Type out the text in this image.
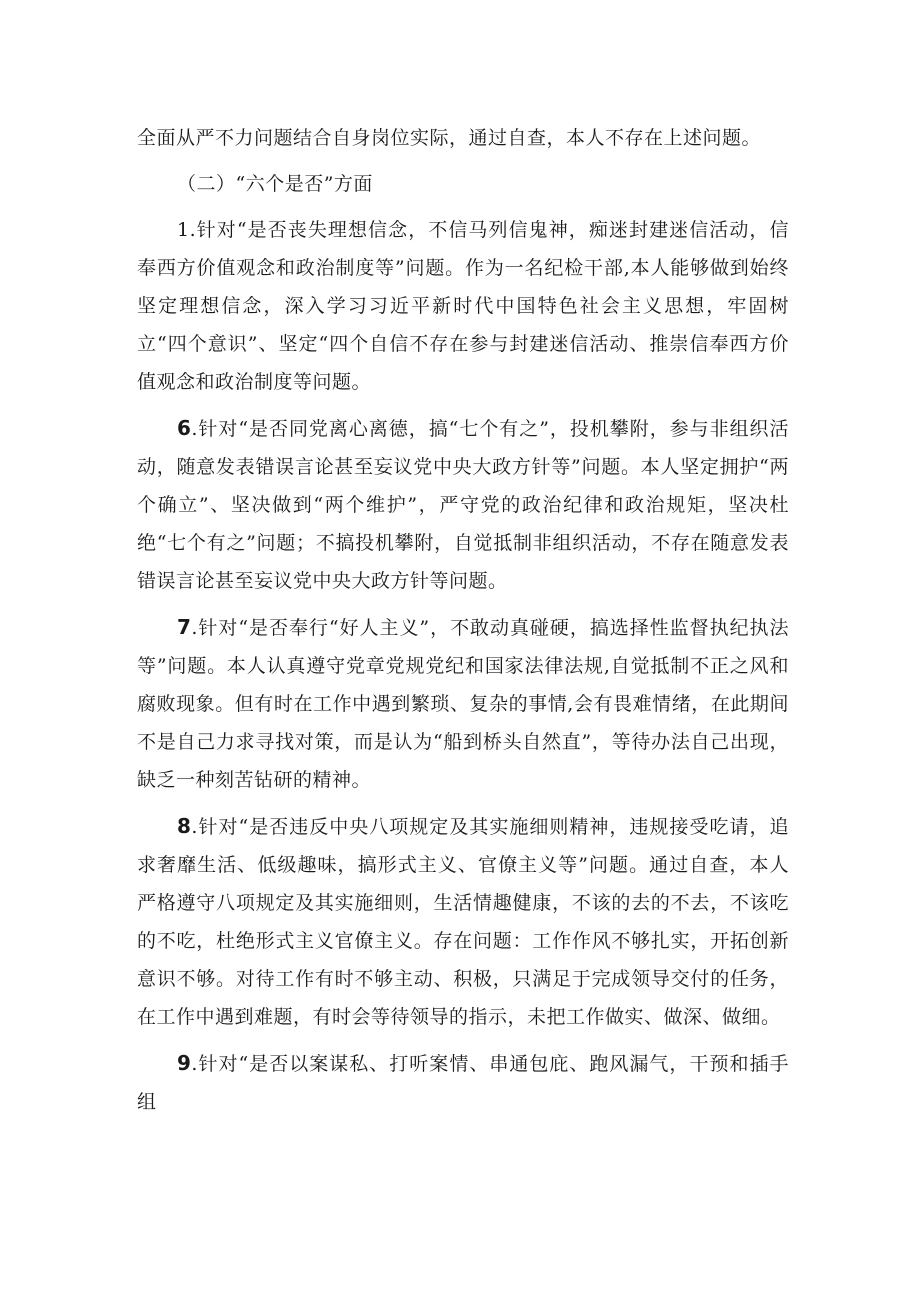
全面从严不力问题结合自身岗位实际，通过自查，本人不存在上述问题。

（二）“六个是否”方面

1.针对“是否丧失理想信念，不信马列信鬼神，痴迷封建迷信活动，信奉西方价值观念和政治制度等”问题。作为一名纪检干部,本人能够做到始终坚定理想信念，深入学习习近平新时代中国特色社会主义思想，牢固树立“四个意识”、坚定“四个自信不存在参与封建迷信活动、推崇信奉西方价值观念和政治制度等问题。

6.针对“是否同党离心离德，搞“七个有之”，投机攀附，参与非组织活动，随意发表错误言论甚至妄议党中央大政方针等”问题。本人坚定拥护“两个确立”、坚决做到“两个维护”，严守党的政治纪律和政治规矩，坚决杜绝“七个有之”问题；不搞投机攀附，自觉抵制非组织活动，不存在随意发表错误言论甚至妄议党中央大政方针等问题。

7.针对“是否奉行“好人主义”，不敢动真碰硬，搞选择性监督执纪执法等”问题。本人认真遵守党章党规党纪和国家法律法规,自觉抵制不正之风和腐败现象。但有时在工作中遇到繁琐、复杂的事情,会有畏难情绪，在此期间不是自己力求寻找对策，而是认为“船到桥头自然直”，等待办法自己出现，缺乏一种刻苦钻研的精神。

8.针对“是否违反中央八项规定及其实施细则精神，违规接受吃请，追求奢靡生活、低级趣味，搞形式主义、官僚主义等”问题。通过自查，本人严格遵守八项规定及其实施细则，生活情趣健康，不该的去的不去，不该吃的不吃，杜绝形式主义官僚主义。存在问题：工作作风不够扎实，开拓创新意识不够。对待工作有时不够主动、积极，只满足于完成领导交付的任务，在工作中遇到难题，有时会等待领导的指示，未把工作做实、做深、做细。

9.针对“是否以案谋私、打听案情、串通包庇、跑风漏气，干预和插手组
